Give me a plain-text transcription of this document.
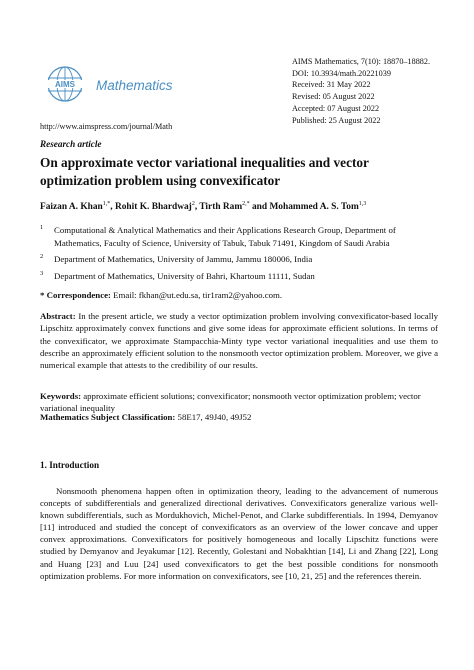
AIMS Mathematics
http://www.aimspress.com/journal/Math
AIMS Mathematics, 7(10): 18870–18882.
DOI: 10.3934/math.20221039
Received: 31 May 2022
Revised: 05 August 2022
Accepted: 07 August 2022
Published: 25 August 2022
Research article
On approximate vector variational inequalities and vector optimization problem using convexificator
Faizan A. Khan$^{1,*}$, Rohit K. Bhardwaj$^2$, Tirth Ram$^{2,*}$ and Mohammed A. S. Tom$^{1,3}$
1 Computational & Analytical Mathematics and their Applications Research Group, Department of Mathematics, Faculty of Science, University of Tabuk, Tabuk 71491, Kingdom of Saudi Arabia
2 Department of Mathematics, University of Jammu, Jammu 180006, India
3 Department of Mathematics, University of Bahri, Khartoum 11111, Sudan
* Correspondence: Email: fkhan@ut.edu.sa, tir1ram2@yahoo.com.
Abstract: In the present article, we study a vector optimization problem involving convexificator-based locally Lipschitz approximately convex functions and give some ideas for approximate efficient solutions. In terms of the convexificator, we approximate Stampacchia-Minty type vector variational inequalities and use them to describe an approximately efficient solution to the nonsmooth vector optimization problem. Moreover, we give a numerical example that attests to the credibility of our results.
Keywords: approximate efficient solutions; convexificator; nonsmooth vector optimization problem; vector variational inequality
Mathematics Subject Classification: 58E17, 49J40, 49J52
1. Introduction
Nonsmooth phenomena happen often in optimization theory, leading to the advancement of numerous concepts of subdifferentials and generalized directional derivatives. Convexificators generalize various well-known subdifferentials, such as Mordukhovich, Michel-Penot, and Clarke subdifferentials. In 1994, Demyanov [11] introduced and studied the concept of convexificators as an overview of the lower concave and upper convex approximations. Convexificators for positively homogeneous and locally Lipschitz functions were studied by Demyanov and Jeyakumar [12]. Recently, Golestani and Nobakhtian [14], Li and Zhang [22], Long and Huang [23] and Luu [24] used convexificators to get the best possible conditions for nonsmooth optimization problems. For more information on convexificators, see [10, 21, 25] and the references therein.
